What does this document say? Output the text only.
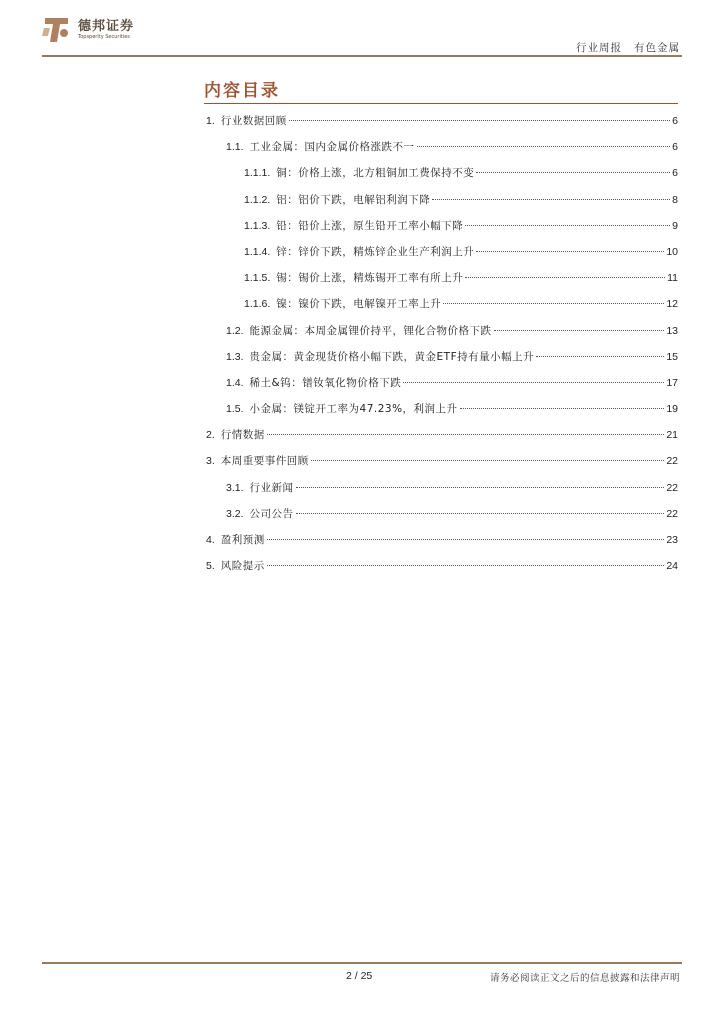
德邦证券
Topsperity Securities
行业周报 有色金属
内容目录
1. 行业数据回顾	6
1.1. 工业金属：国内金属价格涨跌不一	6
1.1.1. 铜：价格上涨，北方粗铜加工费保持不变	6
1.1.2. 铝：铝价下跌，电解铝利润下降	8
1.1.3. 铅：铅价上涨，原生铅开工率小幅下降	9
1.1.4. 锌：锌价下跌，精炼锌企业生产利润上升	10
1.1.5. 锡：锡价上涨，精炼锡开工率有所上升	11
1.1.6. 镍：镍价下跌，电解镍开工率上升	12
1.2. 能源金属：本周金属锂价持平，锂化合物价格下跌	13
1.3. 贵金属：黄金现货价格小幅下跌，黄金ETF持有量小幅上升	15
1.4. 稀土&钨：镨钕氧化物价格下跌	17
1.5. 小金属：镁锭开工率为47.23%，利润上升	19
2. 行情数据	21
3. 本周重要事件回顾	22
3.1. 行业新闻	22
3.2. 公司公告	22
4. 盈利预测	23
5. 风险提示	24
2 / 25	请务必阅读正文之后的信息披露和法律声明
